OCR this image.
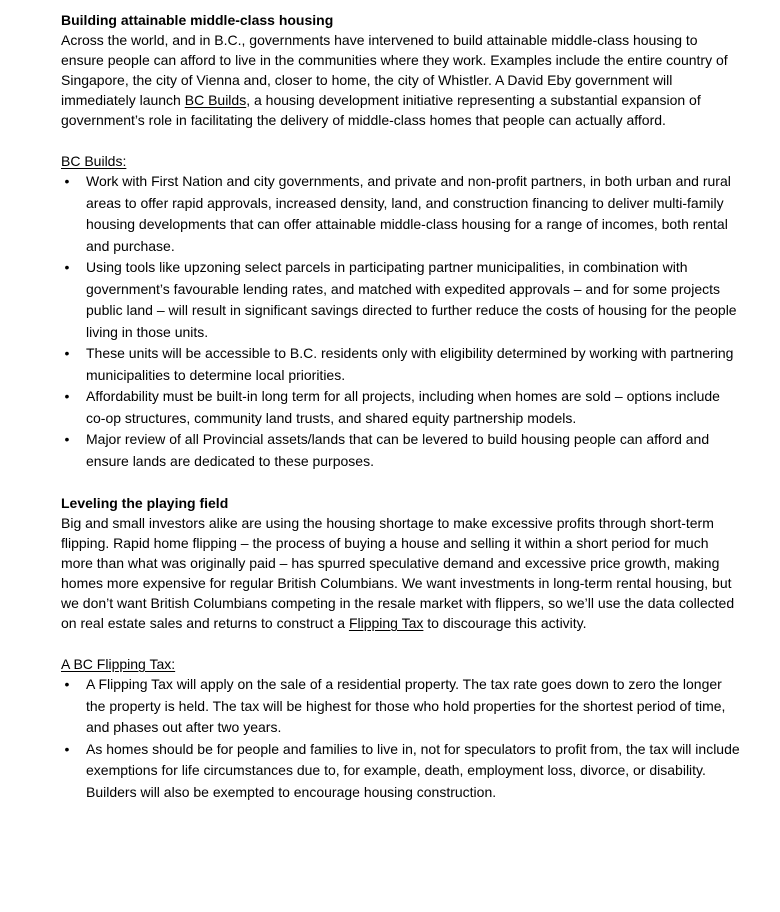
Building attainable middle-class housing

Across the world, and in B.C., governments have intervened to build attainable middle-class housing to ensure people can afford to live in the communities where they work. Examples include the entire country of Singapore, the city of Vienna and, closer to home, the city of Whistler. A David Eby government will immediately launch BC Builds, a housing development initiative representing a substantial expansion of government’s role in facilitating the delivery of middle-class homes that people can actually afford.

BC Builds:

• Work with First Nation and city governments, and private and non-profit partners, in both urban and rural areas to offer rapid approvals, increased density, land, and construction financing to deliver multi-family housing developments that can offer attainable middle-class housing for a range of incomes, both rental and purchase.
• Using tools like upzoning select parcels in participating partner municipalities, in combination with government’s favourable lending rates, and matched with expedited approvals – and for some projects public land – will result in significant savings directed to further reduce the costs of housing for the people living in those units.
• These units will be accessible to B.C. residents only with eligibility determined by working with partnering municipalities to determine local priorities.
• Affordability must be built-in long term for all projects, including when homes are sold – options include co-op structures, community land trusts, and shared equity partnership models.
• Major review of all Provincial assets/lands that can be levered to build housing people can afford and ensure lands are dedicated to these purposes.

Leveling the playing field

Big and small investors alike are using the housing shortage to make excessive profits through short-term flipping. Rapid home flipping – the process of buying a house and selling it within a short period for much more than what was originally paid – has spurred speculative demand and excessive price growth, making homes more expensive for regular British Columbians. We want investments in long-term rental housing, but we don’t want British Columbians competing in the resale market with flippers, so we’ll use the data collected on real estate sales and returns to construct a Flipping Tax to discourage this activity.

A BC Flipping Tax:

• A Flipping Tax will apply on the sale of a residential property. The tax rate goes down to zero the longer the property is held. The tax will be highest for those who hold properties for the shortest period of time, and phases out after two years.
• As homes should be for people and families to live in, not for speculators to profit from, the tax will include exemptions for life circumstances due to, for example, death, employment loss, divorce, or disability. Builders will also be exempted to encourage housing construction.
